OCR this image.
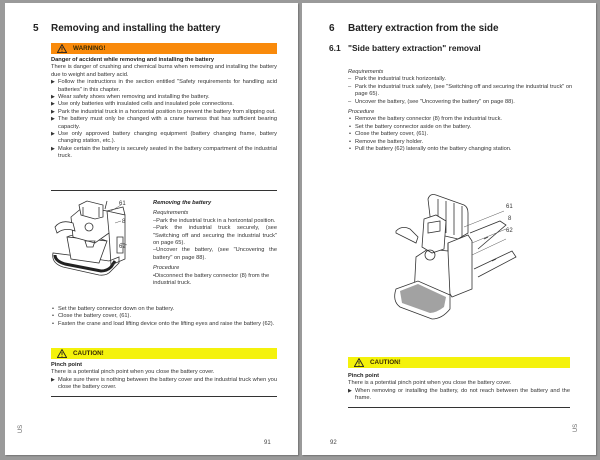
5 Removing and installing the battery
WARNING!
Danger of accident while removing and installing the battery
There is danger of crushing and chemical burns when removing and installing the battery due to weight and battery acid.
▶ Follow the instructions in the section entitled "Safety requirements for handling acid batteries" in this chapter.
▶ Wear safety shoes when removing and installing the battery.
▶ Use only batteries with insulated cells and insulated pole connections.
▶ Park the industrial truck in a horizontal position to prevent the battery from slipping out.
▶ The battery must only be changed with a crane harness that has sufficient bearing capacity.
▶ Use only approved battery changing equipment (battery changing frame, battery changing station, etc.).
▶ Make certain the battery is securely seated in the battery compartment of the industrial truck.
61
8
62
Removing the battery
Requirements
–Park the industrial truck in a horizontal position.
–Park the industrial truck securely, (see "Switching off and securing the industrial truck" on page 65).
–Uncover the battery, (see "Uncovering the battery" on page 88).
Procedure
•Disconnect the battery connector (8) from the industrial truck.
• Set the battery connector down on the battery.
• Close the battery cover, (61).
• Fasten the crane and load lifting device onto the lifting eyes and raise the battery (62).
CAUTION!
Pinch point
There is a potential pinch point when you close the battery cover.
▶ Make sure there is nothing between the battery cover and the industrial truck when you close the battery cover.
US
91
6 Battery extraction from the side
6.1 "Side battery extraction" removal
Requirements
– Park the industrial truck horizontally.
– Park the industrial truck safely, (see "Switching off and securing the industrial truck" on page 65).
– Uncover the battery, (see "Uncovering the battery" on page 88).
Procedure
• Remove the battery connector (8) from the industrial truck.
• Set the battery connector aside on the battery.
• Close the battery cover, (61).
• Remove the battery holder.
• Pull the battery (62) laterally onto the battery changing station.
61
8
62
CAUTION!
Pinch point
There is a potential pinch point when you close the battery cover.
▶ When removing or installing the battery, do not reach between the battery and the frame.
US
92
